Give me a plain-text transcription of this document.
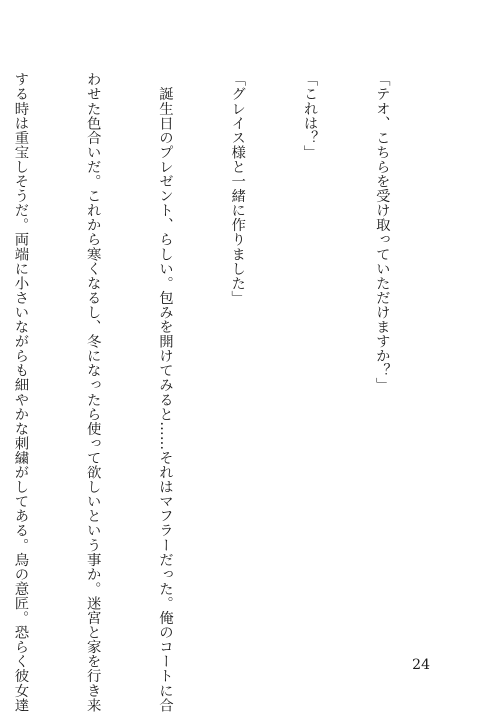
「テオ、こちらを受け取っていただけますか？」

「これは？」

「グレイス様と一緒に作りました」

　誕生日のプレゼント、らしい。包みを開けてみると……それはマフラーだった。俺のコートに合

わせた色合いだ。これから寒くなるし、冬になったら使って欲しいという事か。迷宮と家を行き来

する時は重宝しそうだ。両端に小さいながらも細やかな刺繍がしてある。鳥の意匠。恐らく彼女達

	24
